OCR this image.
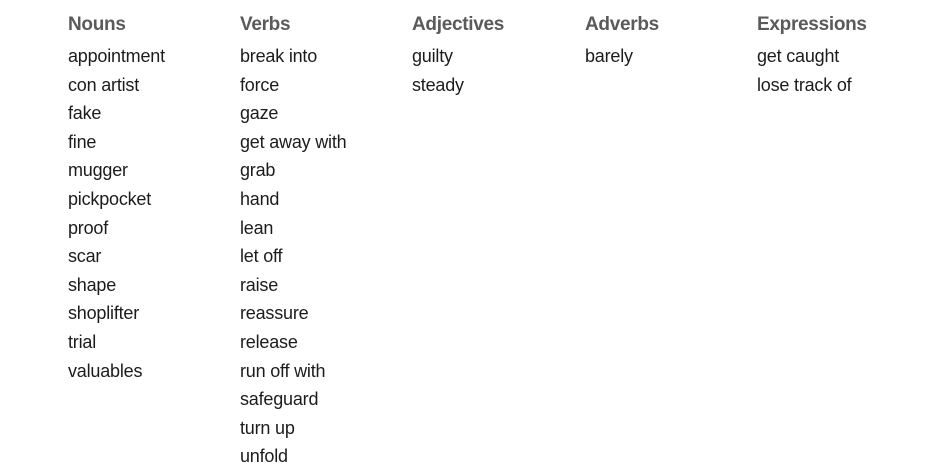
Nouns
appointment
con artist
fake
fine
mugger
pickpocket
proof
scar
shape
shoplifter
trial
valuables
Verbs
break into
force
gaze
get away with
grab
hand
lean
let off
raise
reassure
release
run off with
safeguard
turn up
unfold
Adjectives
guilty
steady
Adverbs
barely
Expressions
get caught
lose track of
